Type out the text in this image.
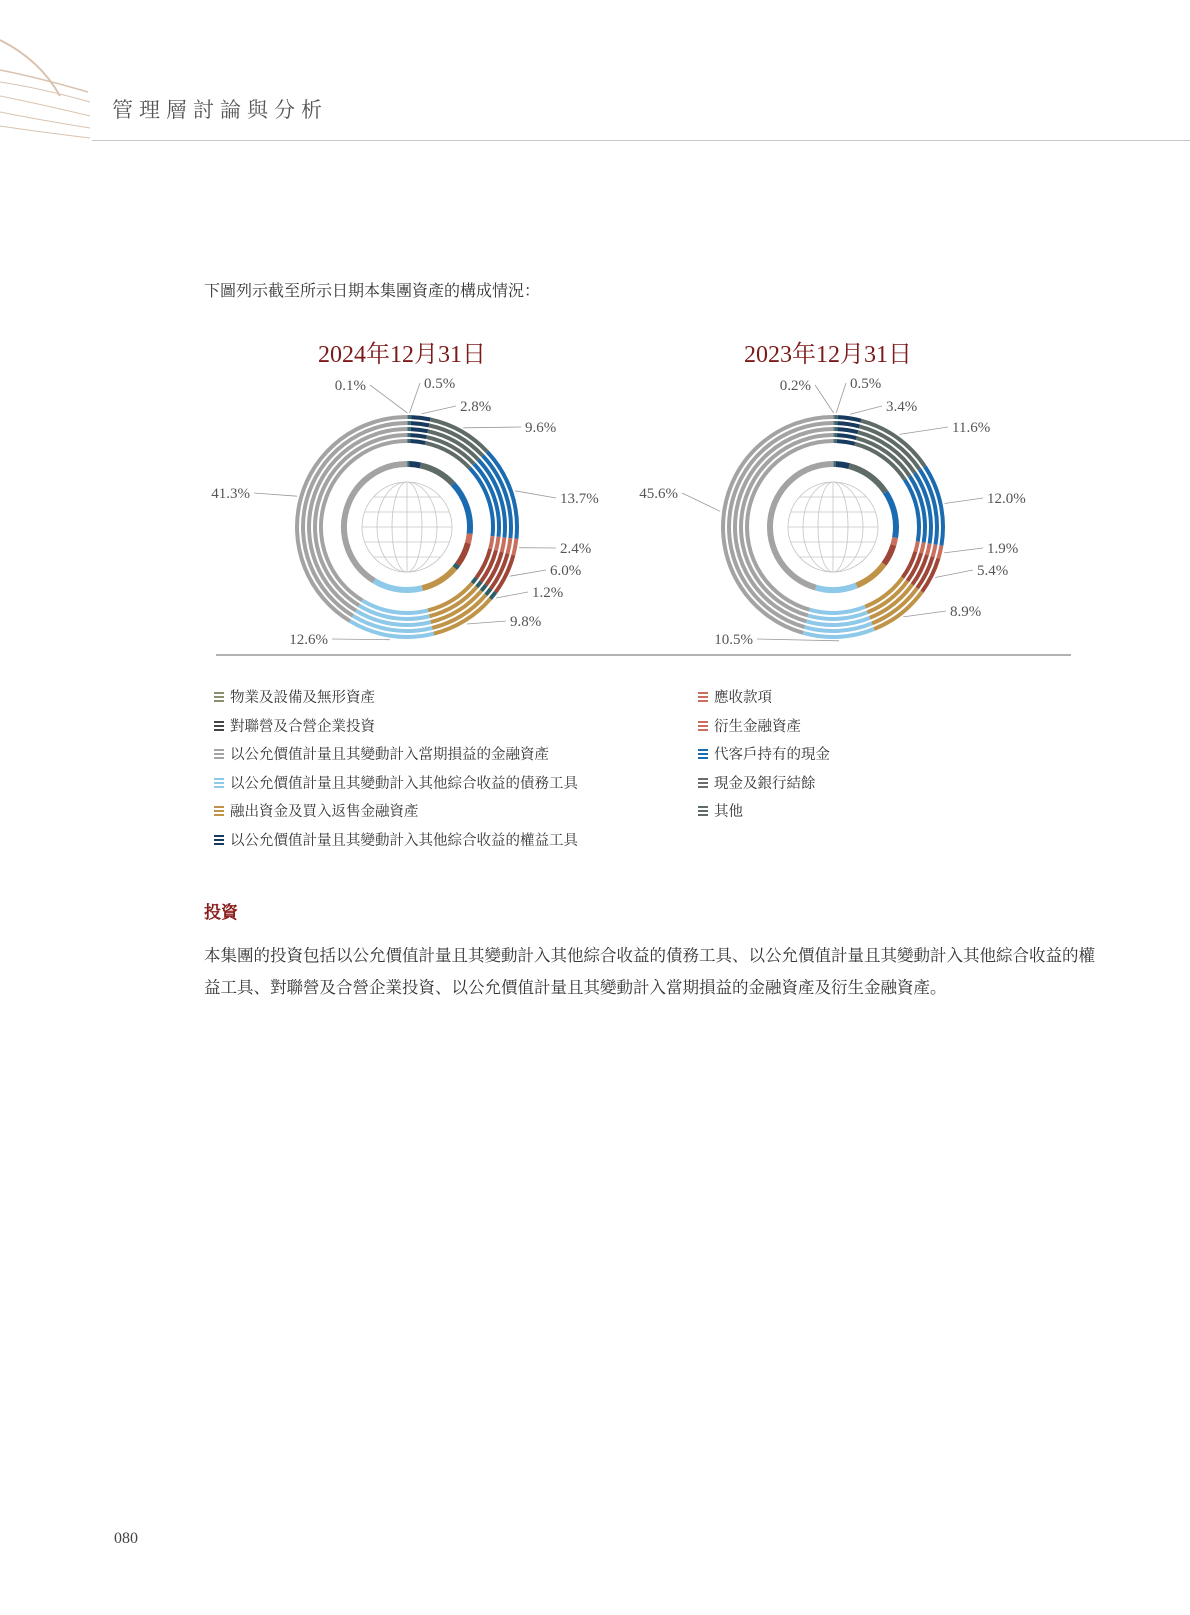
管理層討論與分析
下圖列示截至所示日期本集團資產的構成情況：
2024年12月31日
0.1%	0.5%
2.8%
9.6%
13.7%
2.4%
6.0%
1.2%
9.8%
12.6%
41.3%
2023年12月31日
0.2%	0.5%
3.4%
11.6%
12.0%
1.9%
5.4%
8.9%
10.5%
45.6%
物業及設備及無形資產
對聯營及合營企業投資
以公允價值計量且其變動計入當期損益的金融資產
以公允價值計量且其變動計入其他綜合收益的債務工具
融出資金及買入返售金融資產
以公允價值計量且其變動計入其他綜合收益的權益工具
應收款項
衍生金融資產
代客戶持有的現金
現金及銀行結餘
其他
投資
本集團的投資包括以公允價值計量且其變動計入其他綜合收益的債務工具、以公允價值計量且其變動計入其他綜合收益的權益工具、對聯營及合營企業投資、以公允價值計量且其變動計入當期損益的金融資產及衍生金融資產。
080
